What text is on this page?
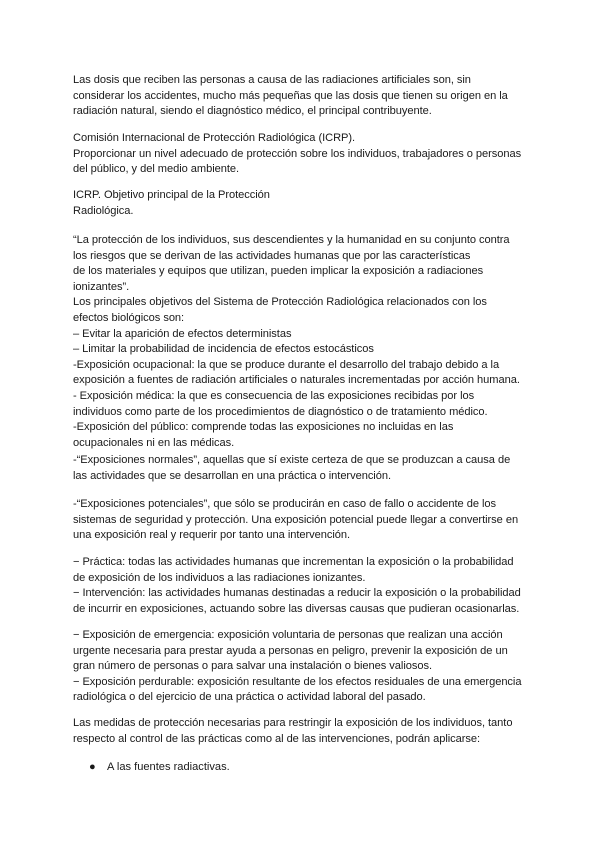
Las dosis que reciben las personas a causa de las radiaciones artificiales son, sin
considerar los accidentes, mucho más pequeñas que las dosis que tienen su origen en la
radiación natural, siendo el diagnóstico médico, el principal contribuyente.
Comisión Internacional de Protección Radiológica (ICRP).
Proporcionar un nivel adecuado de protección sobre los individuos, trabajadores o personas
del público, y del medio ambiente.
ICRP. Objetivo principal de la Protección
Radiológica.
“La protección de los individuos, sus descendientes y la humanidad en su conjunto contra
los riesgos que se derivan de las actividades humanas que por las características
de los materiales y equipos que utilizan, pueden implicar la exposición a radiaciones
ionizantes”.
Los principales objetivos del Sistema de Protección Radiológica relacionados con los
efectos biológicos son:
– Evitar la aparición de efectos deterministas
– Limitar la probabilidad de incidencia de efectos estocásticos
-Exposición ocupacional: la que se produce durante el desarrollo del trabajo debido a la
exposición a fuentes de radiación artificiales o naturales incrementadas por acción humana.
- Exposición médica: la que es consecuencia de las exposiciones recibidas por los
individuos como parte de los procedimientos de diagnóstico o de tratamiento médico.
-Exposición del público: comprende todas las exposiciones no incluidas en las
ocupacionales ni en las médicas.
-“Exposiciones normales”, aquellas que sí existe certeza de que se produzcan a causa de
las actividades que se desarrollan en una práctica o intervención.
-“Exposiciones potenciales”, que sólo se producirán en caso de fallo o accidente de los
sistemas de seguridad y protección. Una exposición potencial puede llegar a convertirse en
una exposición real y requerir por tanto una intervención.
− Práctica: todas las actividades humanas que incrementan la exposición o la probabilidad
de exposición de los individuos a las radiaciones ionizantes.
− Intervención: las actividades humanas destinadas a reducir la exposición o la probabilidad
de incurrir en exposiciones, actuando sobre las diversas causas que pudieran ocasionarlas.
− Exposición de emergencia: exposición voluntaria de personas que realizan una acción
urgente necesaria para prestar ayuda a personas en peligro, prevenir la exposición de un
gran número de personas o para salvar una instalación o bienes valiosos.
− Exposición perdurable: exposición resultante de los efectos residuales de una emergencia
radiológica o del ejercicio de una práctica o actividad laboral del pasado.
Las medidas de protección necesarias para restringir la exposición de los individuos, tanto
respecto al control de las prácticas como al de las intervenciones, podrán aplicarse:
● A las fuentes radiactivas.
